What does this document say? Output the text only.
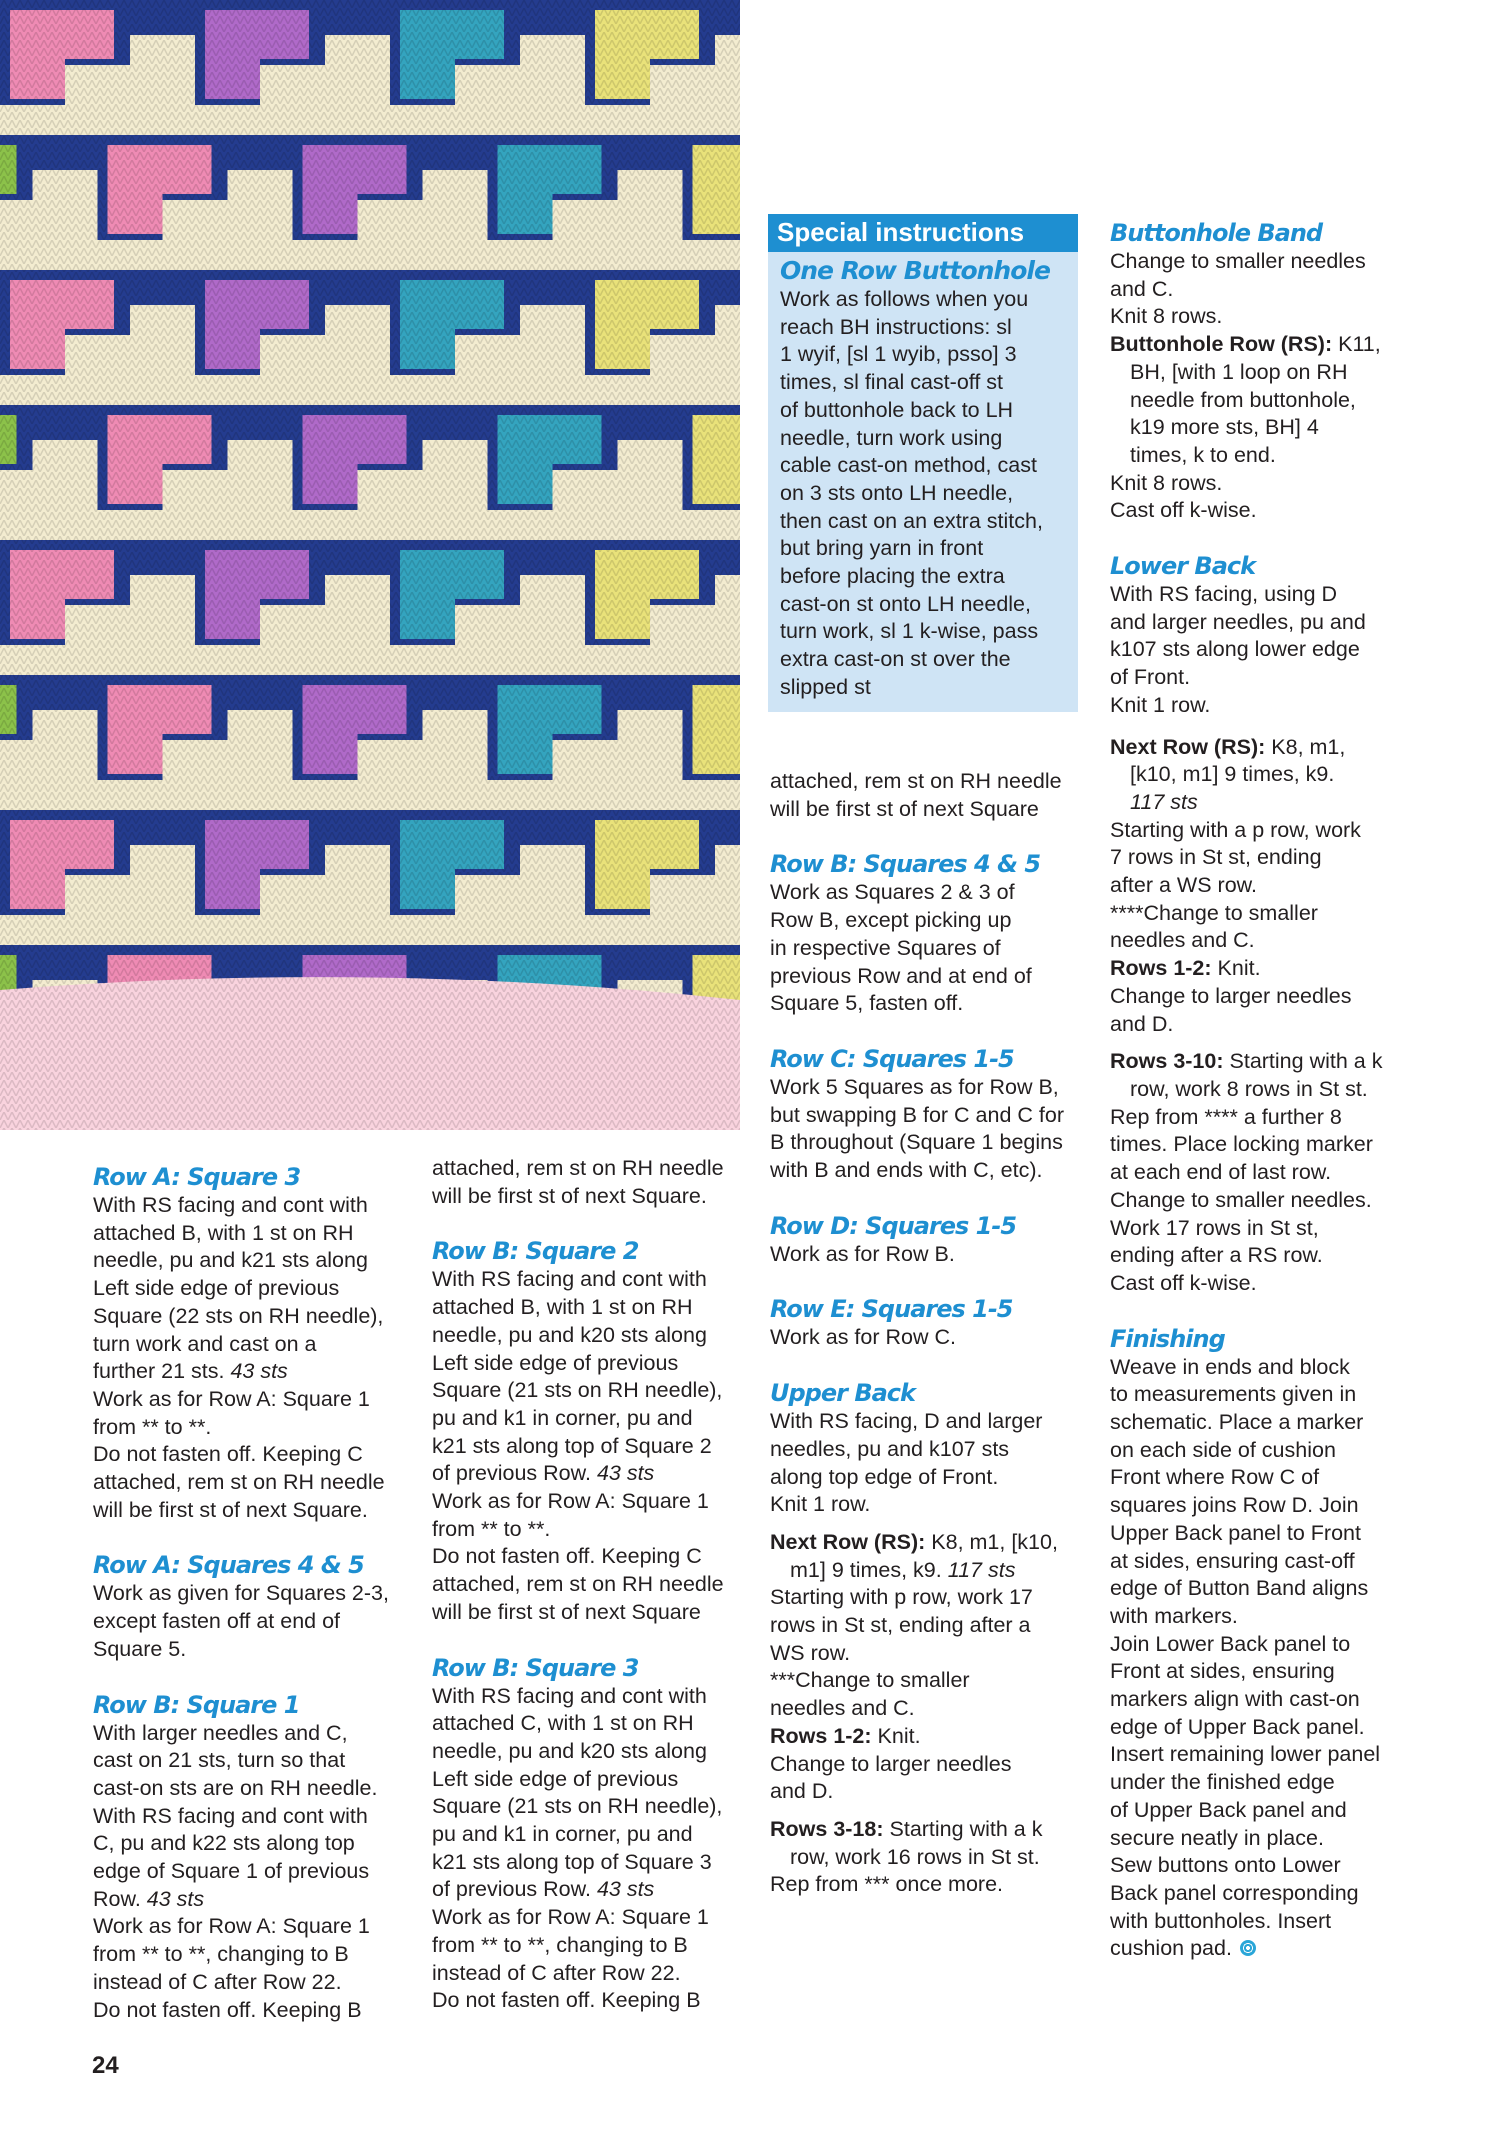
Row A: Square 3

With RS facing and cont with

attached B, with 1 st on RH

needle, pu and k21 sts along

Left side edge of previous

Square (22 sts on RH needle),

turn work and cast on a

further 21 sts. 43 sts

Work as for Row A: Square 1

from ** to **.

Do not fasten off. Keeping C

attached, rem st on RH needle

will be first st of next Square.

Row A: Squares 4 & 5

Work as given for Squares 2-3,

except fasten off at end of

Square 5.

Row B: Square 1

With larger needles and C,

cast on 21 sts, turn so that

cast-on sts are on RH needle.

With RS facing and cont with

C, pu and k22 sts along top

edge of Square 1 of previous

Row. 43 sts

Work as for Row A: Square 1

from ** to **, changing to B

instead of C after Row 22.

Do not fasten off. Keeping B

attached, rem st on RH needle

will be first st of next Square.

Row B: Square 2

With RS facing and cont with

attached B, with 1 st on RH

needle, pu and k20 sts along

Left side edge of previous

Square (21 sts on RH needle),

pu and k1 in corner, pu and

k21 sts along top of Square 2

of previous Row. 43 sts

Work as for Row A: Square 1

from ** to **.

Do not fasten off. Keeping C

attached, rem st on RH needle

will be first st of next Square

Row B: Square 3

With RS facing and cont with

attached C, with 1 st on RH

needle, pu and k20 sts along

Left side edge of previous

Square (21 sts on RH needle),

pu and k1 in corner, pu and

k21 sts along top of Square 3

of previous Row. 43 sts

Work as for Row A: Square 1

from ** to **, changing to B

instead of C after Row 22.

Do not fasten off. Keeping B

Special instructions

One Row Buttonhole

Work as follows when you

reach BH instructions: sl

1 wyif, [sl 1 wyib, psso] 3

times, sl final cast-off st

of buttonhole back to LH

needle, turn work using

cable cast-on method, cast

on 3 sts onto LH needle,

then cast on an extra stitch,

but bring yarn in front

before placing the extra

cast-on st onto LH needle,

turn work, sl 1 k-wise, pass

extra cast-on st over the

slipped st

attached, rem st on RH needle

will be first st of next Square

Row B: Squares 4 & 5

Work as Squares 2 & 3 of

Row B, except picking up

in respective Squares of

previous Row and at end of

Square 5, fasten off.

Row C: Squares 1-5

Work 5 Squares as for Row B,

but swapping B for C and C for

B throughout (Square 1 begins

with B and ends with C, etc).

Row D: Squares 1-5

Work as for Row B.

Row E: Squares 1-5

Work as for Row C.

Upper Back

With RS facing, D and larger

needles, pu and k107 sts

along top edge of Front.

Knit 1 row.

Next Row (RS): K8, m1, [k10,

m1] 9 times, k9. 117 sts

Starting with p row, work 17

rows in St st, ending after a

WS row.

***Change to smaller

needles and C.

Rows 1-2: Knit.

Change to larger needles

and D.

Rows 3-18: Starting with a k

row, work 16 rows in St st.

Rep from *** once more.

Buttonhole Band

Change to smaller needles

and C.

Knit 8 rows.

Buttonhole Row (RS): K11,

BH, [with 1 loop on RH

needle from buttonhole,

k19 more sts, BH] 4

times, k to end.

Knit 8 rows.

Cast off k-wise.

Lower Back

With RS facing, using D

and larger needles, pu and

k107 sts along lower edge

of Front.

Knit 1 row.

Next Row (RS): K8, m1,

[k10, m1] 9 times, k9.

117 sts

Starting with a p row, work

7 rows in St st, ending

after a WS row.

****Change to smaller

needles and C.

Rows 1-2: Knit.

Change to larger needles

and D.

Rows 3-10: Starting with a k

row, work 8 rows in St st.

Rep from **** a further 8

times. Place locking marker

at each end of last row.

Change to smaller needles.

Work 17 rows in St st,

ending after a RS row.

Cast off k-wise.

Finishing

Weave in ends and block

to measurements given in

schematic. Place a marker

on each side of cushion

Front where Row C of

squares joins Row D. Join

Upper Back panel to Front

at sides, ensuring cast-off

edge of Button Band aligns

with markers.

Join Lower Back panel to

Front at sides, ensuring

markers align with cast-on

edge of Upper Back panel.

Insert remaining lower panel

under the finished edge

of Upper Back panel and

secure neatly in place.

Sew buttons onto Lower

Back panel corresponding

with buttonholes. Insert

cushion pad.

24
